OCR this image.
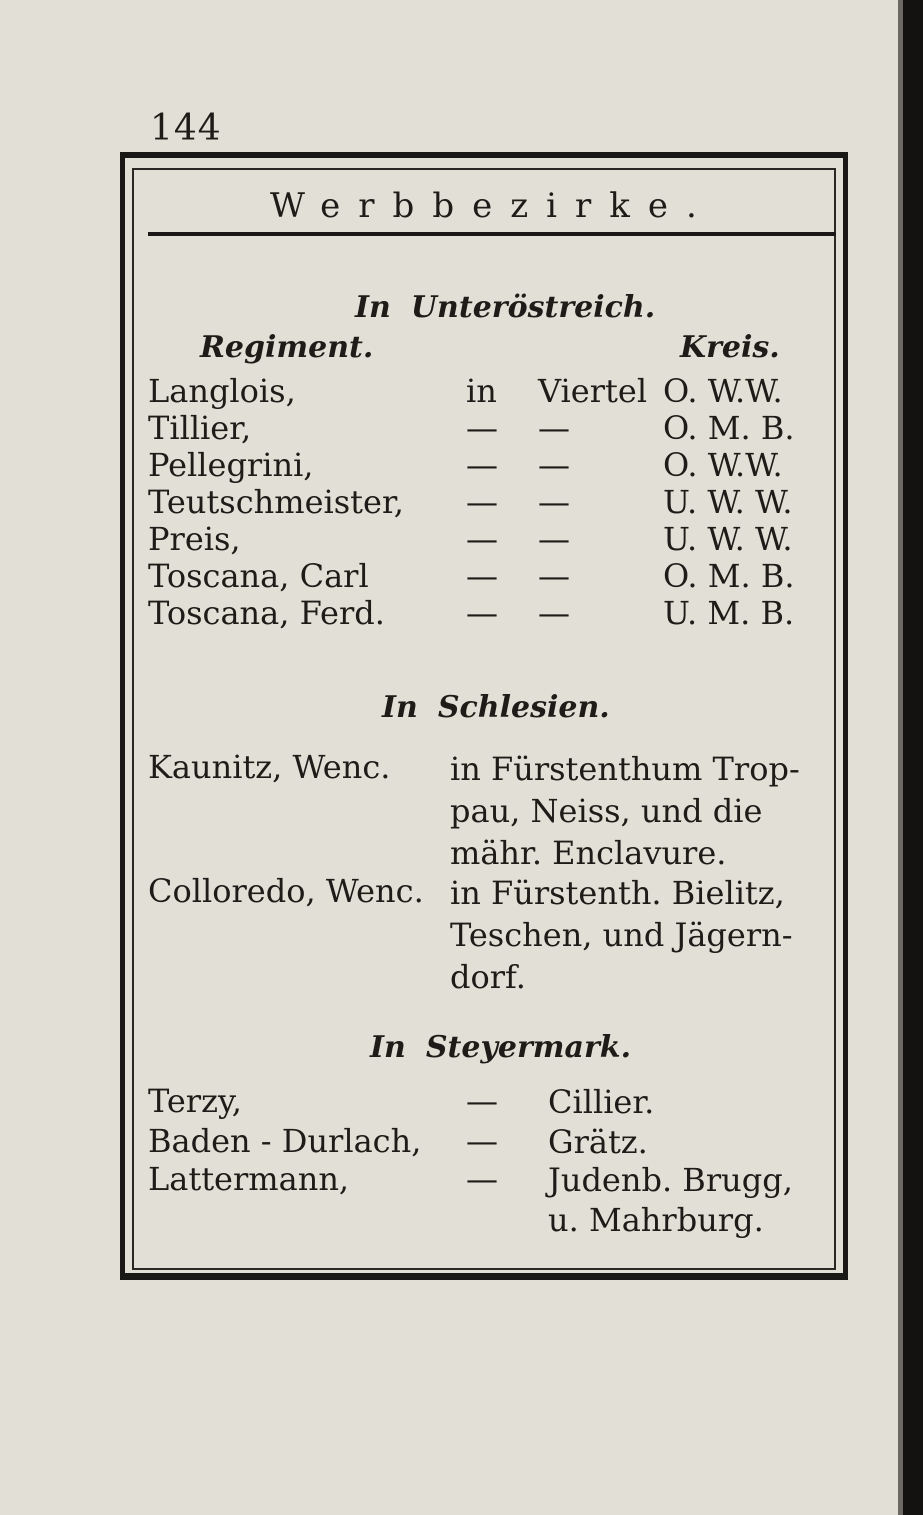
144
Werbbezirke.
In Unteröstreich.
Regiment.	Kreis.
Langlois,	in Viertel O. W.W.
Tillier,	— —	O. M. B.
Pellegrini,	— —	O. W.W.
Teutschmeister, — —	U. W. W.
Preis,	— —	U. W. W.
Toscana, Carl	— —	O. M. B.
Toscana, Ferd.	— —	U. M. B.
In Schlesien.
Kaunitz, Wenc. in Fürstenthum Trop-
pau, Neiss, und die
mähr. Enclavure.
Colloredo, Wenc. in Fürstenth. Bielitz,
Teschen, und Jägern-
dorf.
In Steyermark.
Terzy,	— Cillier.
Baden - Durlach, — Grätz.
Lattermann,	— Judenb. Brugg,
u. Mahrburg.
